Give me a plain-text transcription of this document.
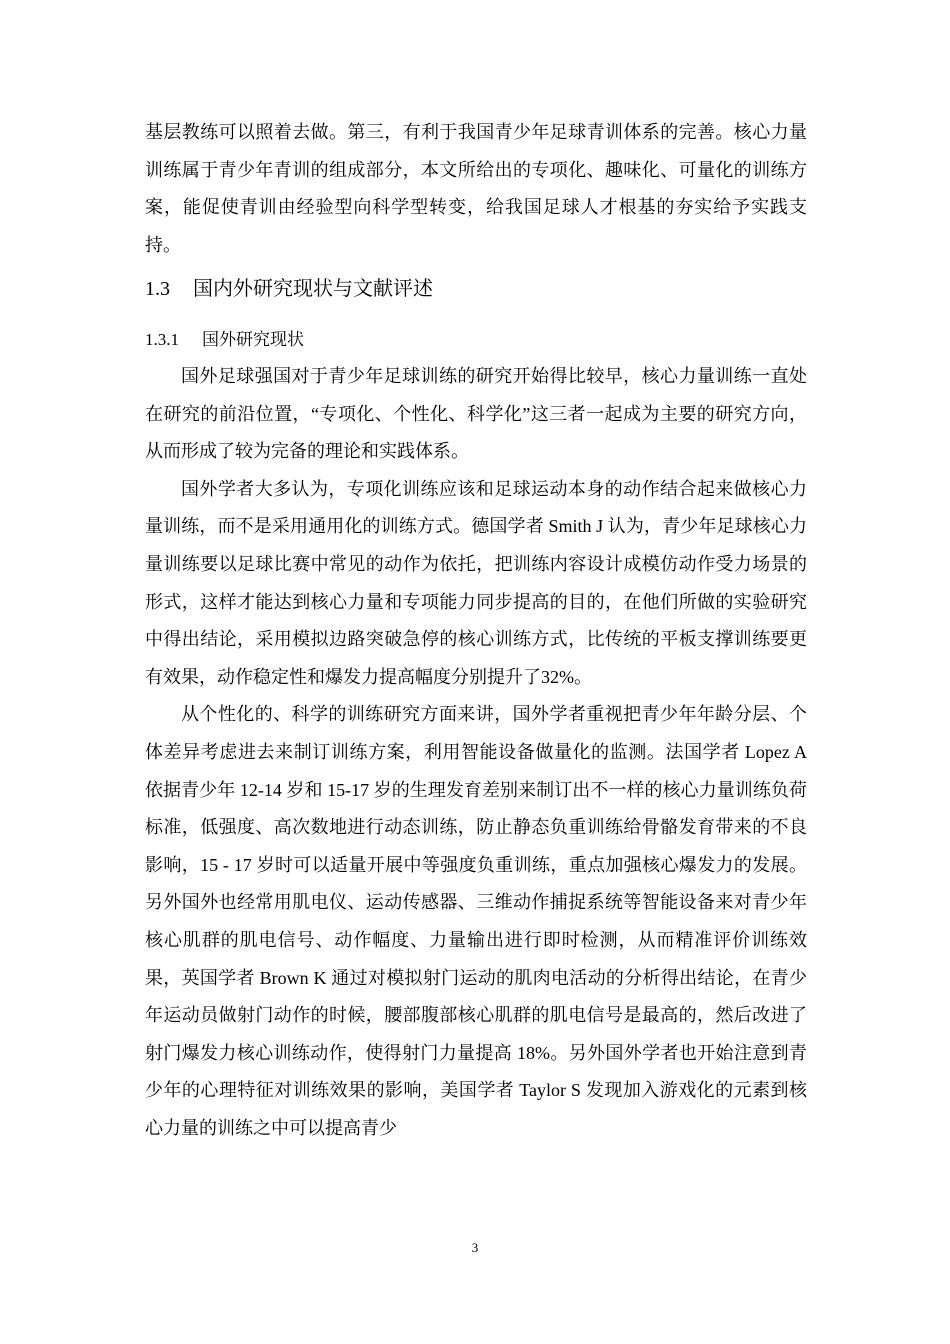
基层教练可以照着去做。第三，有利于我国青少年足球青训体系的完善。核心力量训练属于青少年青训的组成部分，本文所给出的专项化、趣味化、可量化的训练方案，能促使青训由经验型向科学型转变，给我国足球人才根基的夯实给予实践支持。

1.3 国内外研究现状与文献评述
1.3.1 国外研究现状

国外足球强国对于青少年足球训练的研究开始得比较早，核心力量训练一直处在研究的前沿位置，“专项化、个性化、科学化”这三者一起成为主要的研究方向，从而形成了较为完备的理论和实践体系。

国外学者大多认为，专项化训练应该和足球运动本身的动作结合起来做核心力量训练，而不是采用通用化的训练方式。德国学者 Smith J 认为，青少年足球核心力量训练要以足球比赛中常见的动作为依托，把训练内容设计成模仿动作受力场景的形式，这样才能达到核心力量和专项能力同步提高的目的，在他们所做的实验研究中得出结论，采用模拟边路突破急停的核心训练方式，比传统的平板支撑训练要更有效果，动作稳定性和爆发力提高幅度分别提升了32%。

从个性化的、科学的训练研究方面来讲，国外学者重视把青少年年龄分层、个体差异考虑进去来制订训练方案，利用智能设备做量化的监测。法国学者 Lopez A 依据青少年 12-14 岁和 15-17 岁的生理发育差别来制订出不一样的核心力量训练负荷标准，低强度、高次数地进行动态训练，防止静态负重训练给骨骼发育带来的不良影响，15 - 17 岁时可以适量开展中等强度负重训练，重点加强核心爆发力的发展。另外国外也经常用肌电仪、运动传感器、三维动作捕捉系统等智能设备来对青少年核心肌群的肌电信号、动作幅度、力量输出进行即时检测，从而精准评价训练效果，英国学者 Brown K 通过对模拟射门运动的肌肉电活动的分析得出结论，在青少年运动员做射门动作的时候，腰部腹部核心肌群的肌电信号是最高的，然后改进了射门爆发力核心训练动作，使得射门力量提高 18%。另外国外学者也开始注意到青少年的心理特征对训练效果的影响，美国学者 Taylor S 发现加入游戏化的元素到核心力量的训练之中可以提高青少

3
